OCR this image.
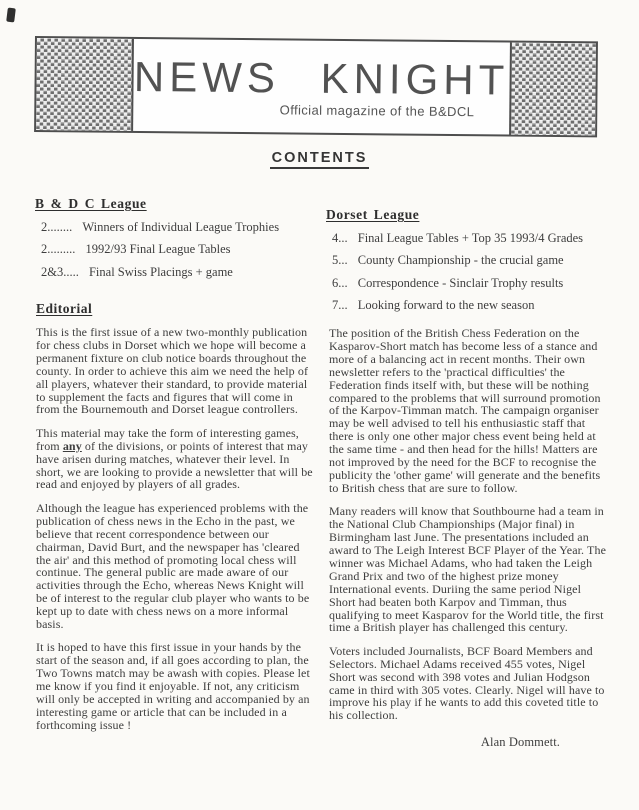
NEWS KNIGHT
Official magazine of the B&DCL
CONTENTS
B & D C League
2........ Winners of Individual League Trophies
2......... 1992/93 Final League Tables
2&3..... Final Swiss Placings + game
Dorset League
4... Final League Tables + Top 35 1993/4 Grades
5... County Championship - the crucial game
6... Correspondence - Sinclair Trophy results
7... Looking forward to the new season
Editorial

This is the first issue of a new two-monthly publication for chess clubs in Dorset which we hope will become a permanent fixture on club notice boards throughout the county. In order to achieve this aim we need the help of all players, whatever their standard, to provide material to supplement the facts and figures that will come in from the Bournemouth and Dorset league controllers.

This material may take the form of interesting games, from any of the divisions, or points of interest that may have arisen during matches, whatever their level. In short, we are looking to provide a newsletter that will be read and enjoyed by players of all grades.

Although the league has experienced problems with the publication of chess news in the Echo in the past, we believe that recent correspondence between our chairman, David Burt, and the newspaper has 'cleared the air' and this method of promoting local chess will continue. The general public are made aware of our activities through the Echo, whereas News Knight will be of interest to the regular club player who wants to be kept up to date with chess news on a more informal basis.

It is hoped to have this first issue in your hands by the start of the season and, if all goes according to plan, the Two Towns match may be awash with copies. Please let me know if you find it enjoyable. If not, any criticism will only be accepted in writing and accompanied by an interesting game or article that can be included in a forthcoming issue !

The position of the British Chess Federation on the Kasparov-Short match has become less of a stance and more of a balancing act in recent months. Their own newsletter refers to the 'practical difficulties' the Federation finds itself with, but these will be nothing compared to the problems that will surround promotion of the Karpov-Timman match. The campaign organiser may be well advised to tell his enthusiastic staff that there is only one other major chess event being held at the same time - and then head for the hills! Matters are not improved by the need for the BCF to recognise the publicity the 'other game' will generate and the benefits to British chess that are sure to follow.

Many readers will know that Southbourne had a team in the National Club Championships (Major final) in Birmingham last June. The presentations included an award to The Leigh Interest BCF Player of the Year. The winner was Michael Adams, who had taken the Leigh Grand Prix and two of the highest prize money International events. Duriing the same period Nigel Short had beaten both Karpov and Timman, thus qualifying to meet Kasparov for the World title, the first time a British player has challenged this century.

Voters included Journalists, BCF Board Members and Selectors. Michael Adams received 455 votes, Nigel Short was second with 398 votes and Julian Hodgson came in third with 305 votes. Clearly. Nigel will have to improve his play if he wants to add this coveted title to his collection.

Alan Dommett.
